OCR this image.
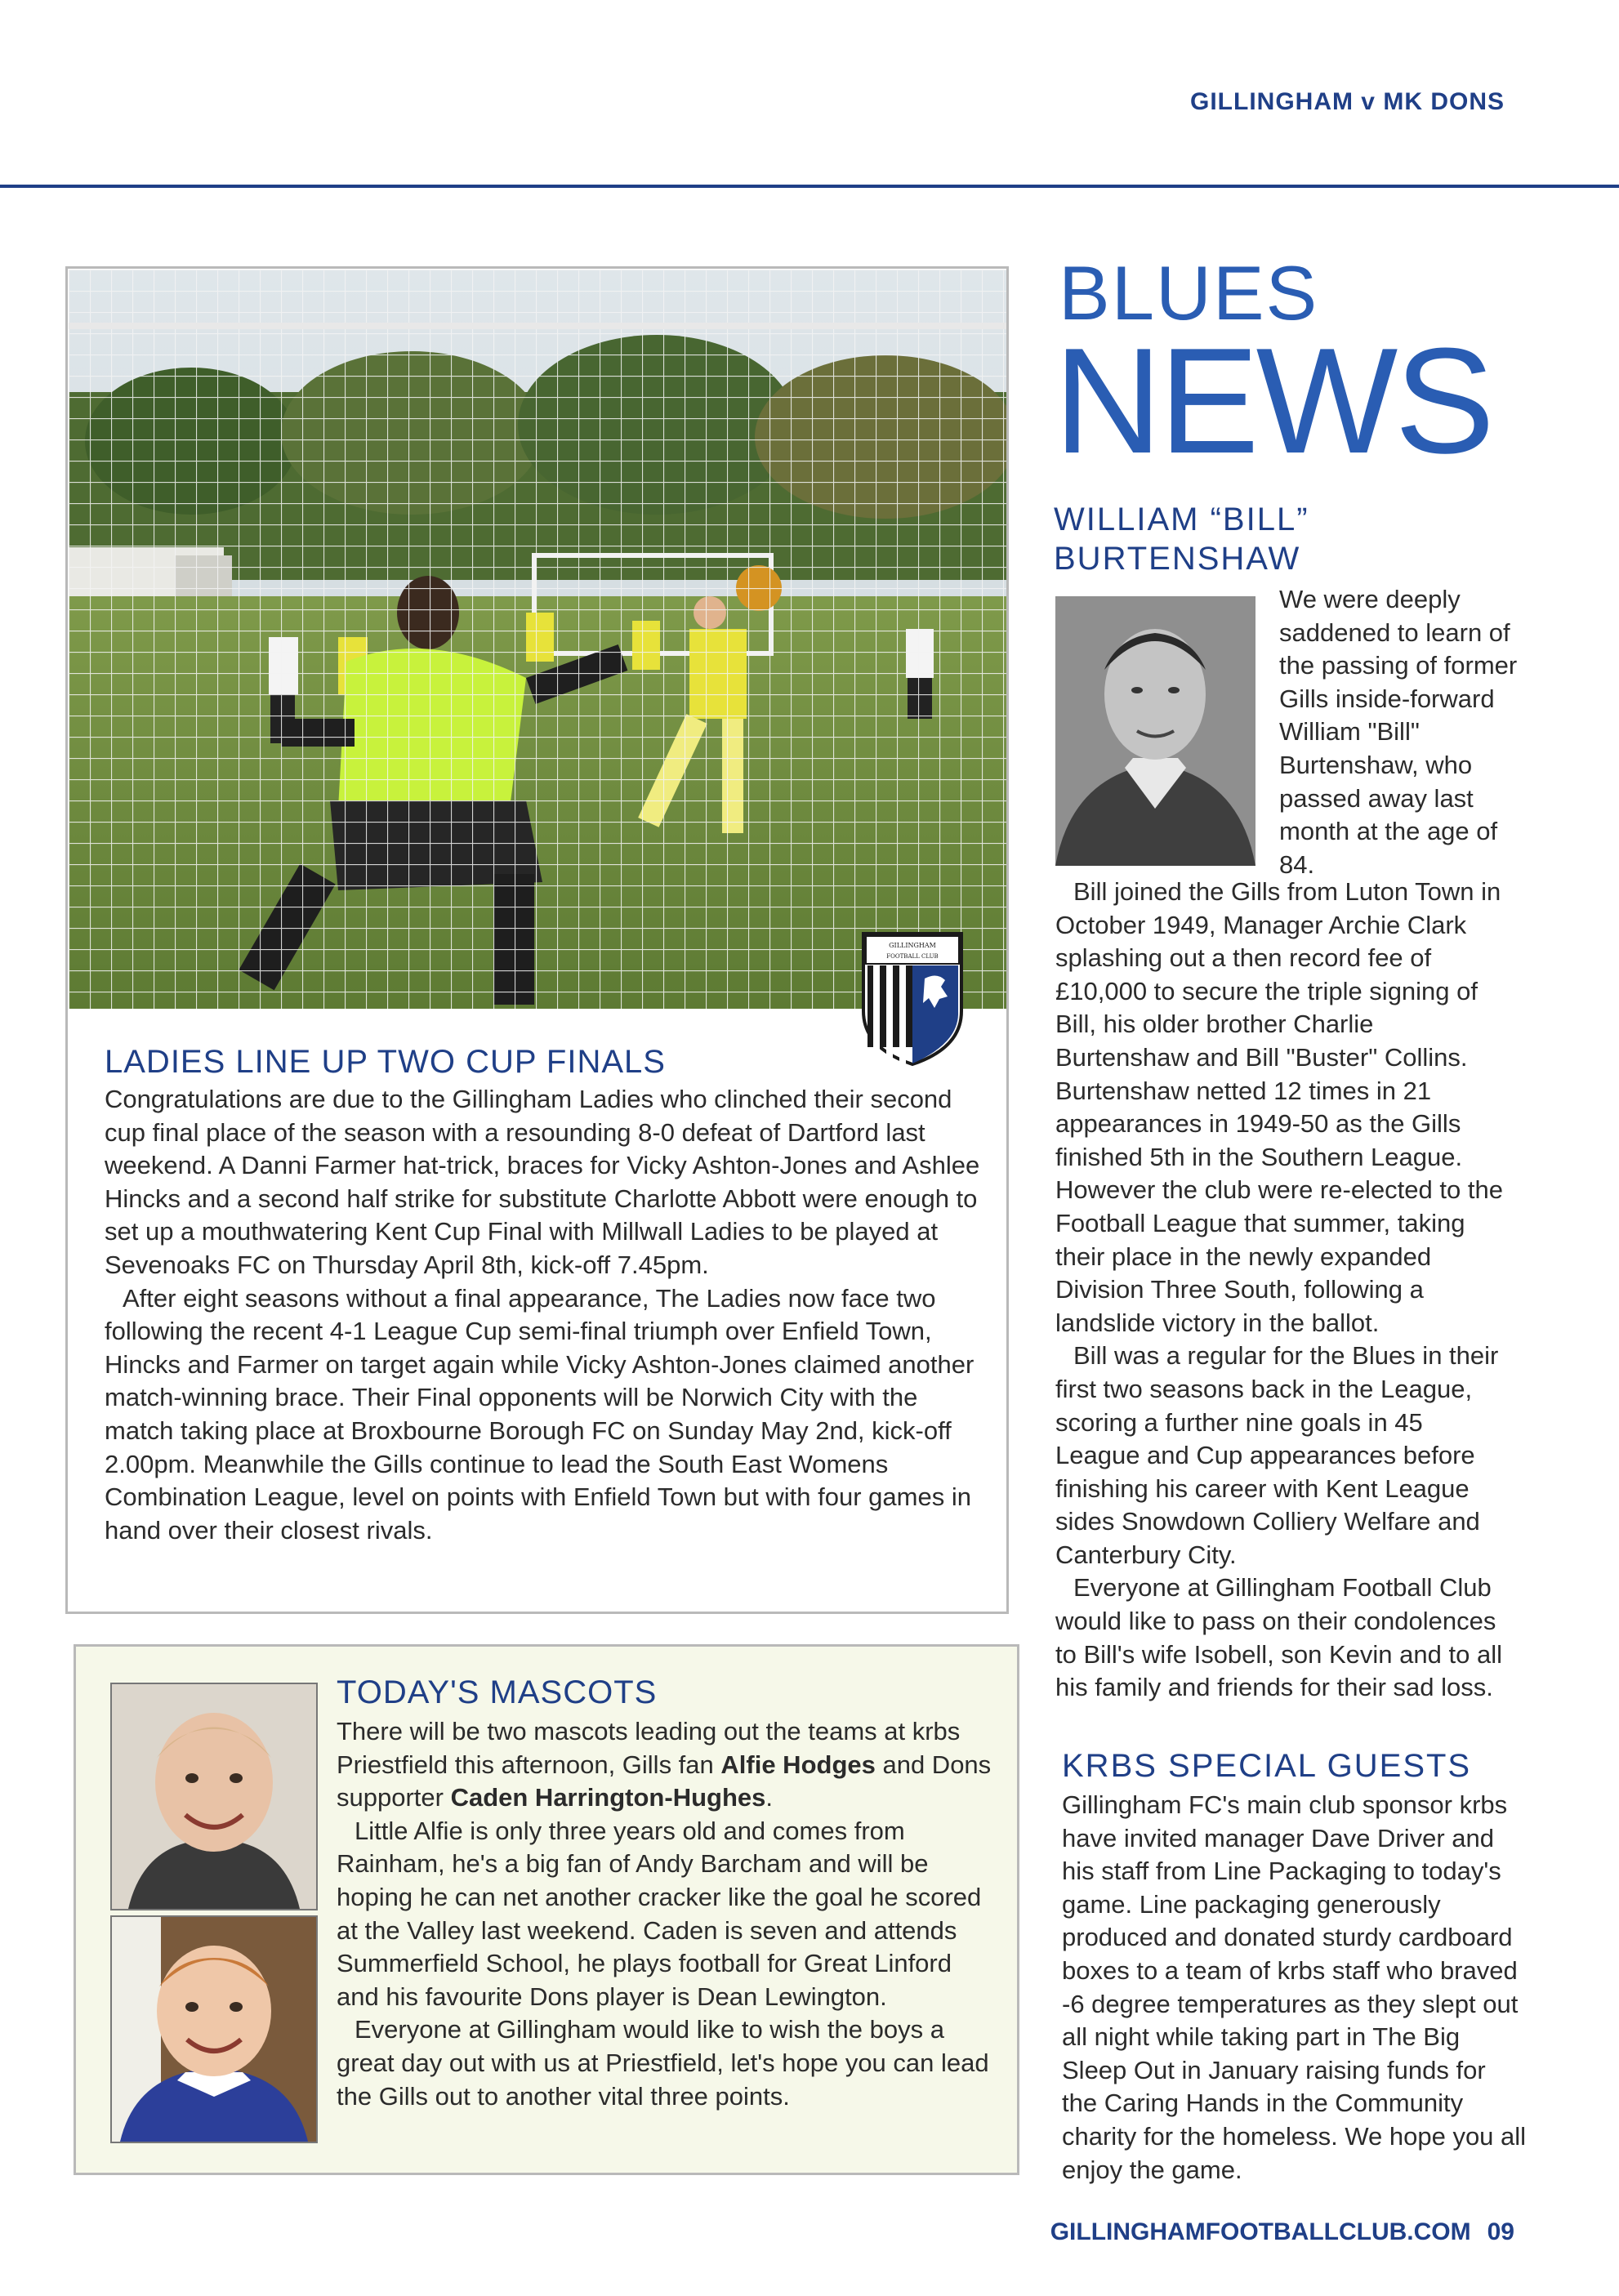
GILLINGHAM v MK DONS
GILLINGHAM
FOOTBALL CLUB
LADIES LINE UP TWO CUP FINALS

Congratulations are due to the Gillingham Ladies who clinched their second cup final place of the season with a resounding 8-0 defeat of Dartford last weekend. A Danni Farmer hat-trick, braces for Vicky Ashton-Jones and Ashlee Hincks and a second half strike for substitute Charlotte Abbott were enough to set up a mouthwatering Kent Cup Final with Millwall Ladies to be played at Sevenoaks FC on Thursday April 8th, kick-off 7.45pm.

After eight seasons without a final appearance, The Ladies now face two following the recent 4-1 League Cup semi-final triumph over Enfield Town, Hincks and Farmer on target again while Vicky Ashton-Jones claimed another match-winning brace. Their Final opponents will be Norwich City with the match taking place at Broxbourne Borough FC on Sunday May 2nd, kick-off 2.00pm. Meanwhile the Gills continue to lead the South East Womens Combination League, level on points with Enfield Town but with four games in hand over their closest rivals.

TODAY'S MASCOTS

There will be two mascots leading out the teams at krbs Priestfield this afternoon, Gills fan Alfie Hodges and Dons supporter Caden Harrington-Hughes.

Little Alfie is only three years old and comes from Rainham, he's a big fan of Andy Barcham and will be hoping he can net another cracker like the goal he scored at the Valley last weekend. Caden is seven and attends Summerfield School, he plays football for Great Linford and his favourite Dons player is Dean Lewington.

Everyone at Gillingham would like to wish the boys a great day out with us at Priestfield, let's hope you can lead the Gills out to another vital three points.

BLUES
NEWS
WILLIAM “BILL”
BURTENSHAW
We were deeply saddened to learn of the passing of former Gills inside-forward William "Bill" Burtenshaw, who passed away last month at the age of 84.

Bill joined the Gills from Luton Town in October 1949, Manager Archie Clark splashing out a then record fee of £10,000 to secure the triple signing of Bill, his older brother Charlie Burtenshaw and Bill "Buster" Collins. Burtenshaw netted 12 times in 21 appearances in 1949-50 as the Gills finished 5th in the Southern League. However the club were re-elected to the Football League that summer, taking their place in the newly expanded Division Three South, following a landslide victory in the ballot.

Bill was a regular for the Blues in their first two seasons back in the League, scoring a further nine goals in 45 League and Cup appearances before finishing his career with Kent League sides Snowdown Colliery Welfare and Canterbury City.

Everyone at Gillingham Football Club would like to pass on their condolences to Bill's wife Isobell, son Kevin and to all his family and friends for their sad loss.

KRBS SPECIAL GUESTS
Gillingham FC's main club sponsor krbs have invited manager Dave Driver and his staff from Line Packaging to today's game. Line packaging generously produced and donated sturdy cardboard boxes to a team of krbs staff who braved -6 degree temperatures as they slept out all night while taking part in The Big Sleep Out in January raising funds for the Caring Hands in the Community charity for the homeless. We hope you all enjoy the game.
GILLINGHAMFOOTBALLCLUB.COM 09
